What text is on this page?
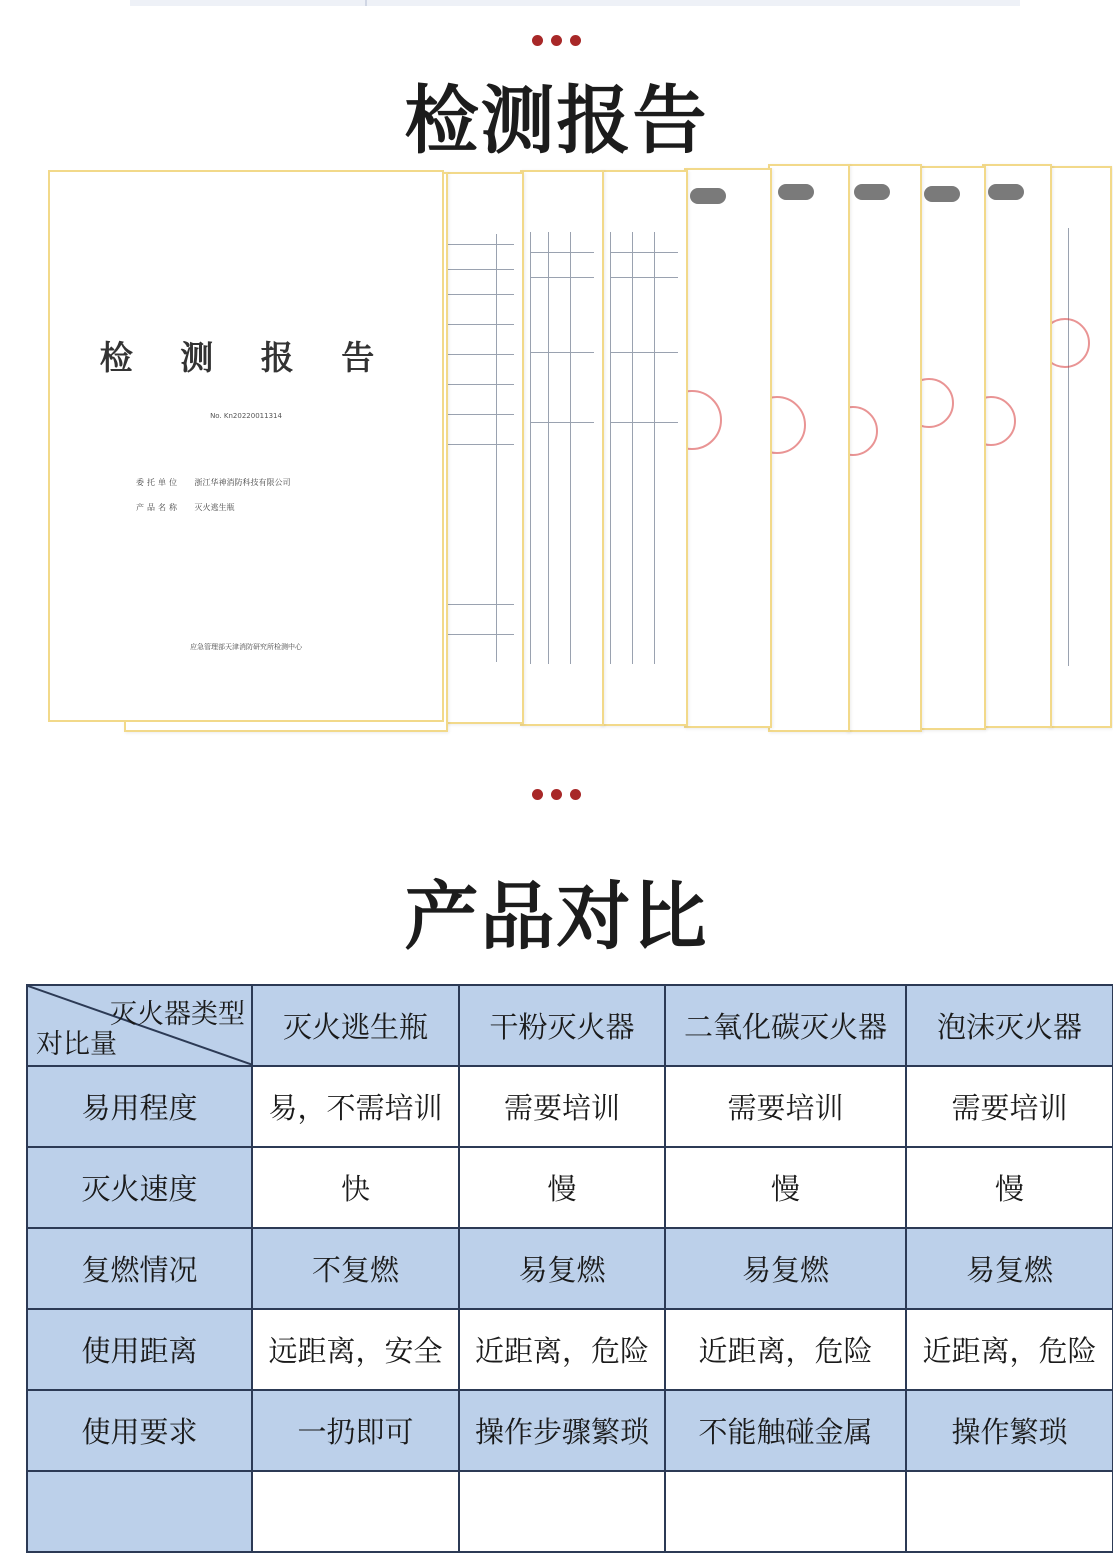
检测报告
检 测 报 告
No. Kn20220011314
委托单位 浙江华神消防科技有限公司
产品名称 灭火逃生瓶
应急管理部天津消防研究所检测中心
产品对比
灭火器类型
对比量	灭火逃生瓶	干粉灭火器	二氧化碳灭火器	泡沫灭火器
易用程度	易，不需培训	需要培训	需要培训	需要培训
灭火速度	快	慢	慢	慢
复燃情况	不复燃	易复燃	易复燃	易复燃
使用距离	远距离，安全	近距离，危险	近距离，危险	近距离，危险
使用要求	一扔即可	操作步骤繁琐	不能触碰金属	操作繁琐
